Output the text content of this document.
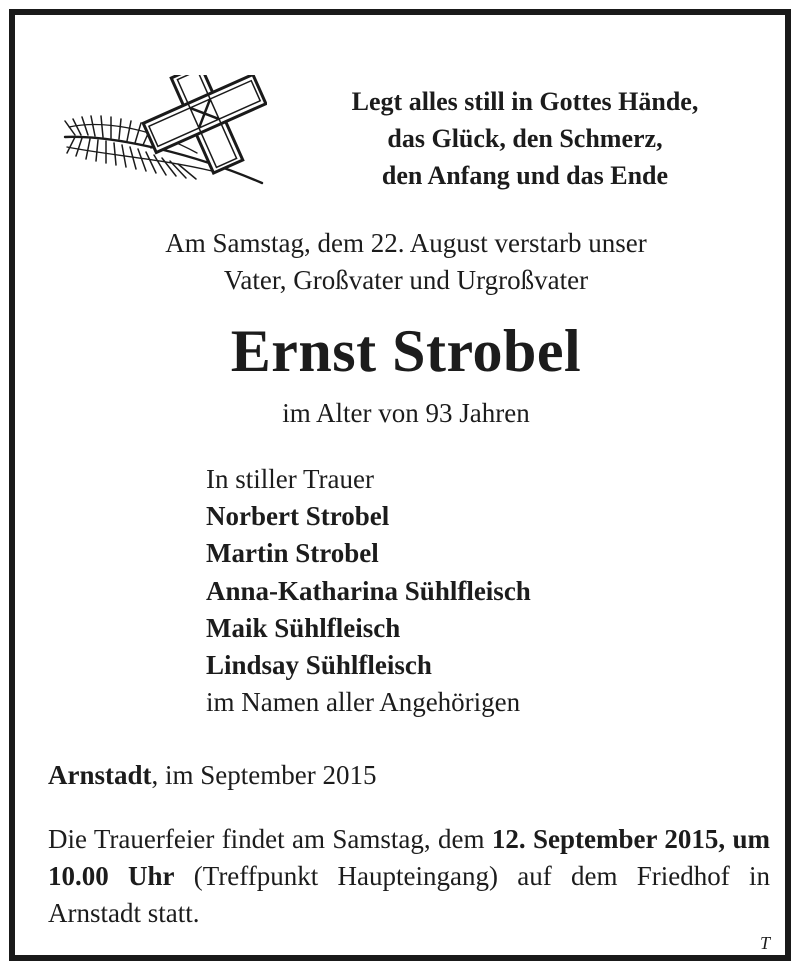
Legt alles still in Gottes Hände,
das Glück, den Schmerz,
den Anfang und das Ende
Am Samstag, dem 22. August verstarb unser
Vater, Großvater und Urgroßvater
Ernst Strobel
im Alter von 93 Jahren
In stiller Trauer
Norbert Strobel
Martin Strobel
Anna-Katharina Sühlfleisch
Maik Sühlfleisch
Lindsay Sühlfleisch
im Namen aller Angehörigen
Arnstadt, im September 2015
Die Trauerfeier findet am Samstag, dem 12. September 2015, um 10.00 Uhr (Treffpunkt Haupteingang) auf dem Friedhof in Arnstadt statt.
T
